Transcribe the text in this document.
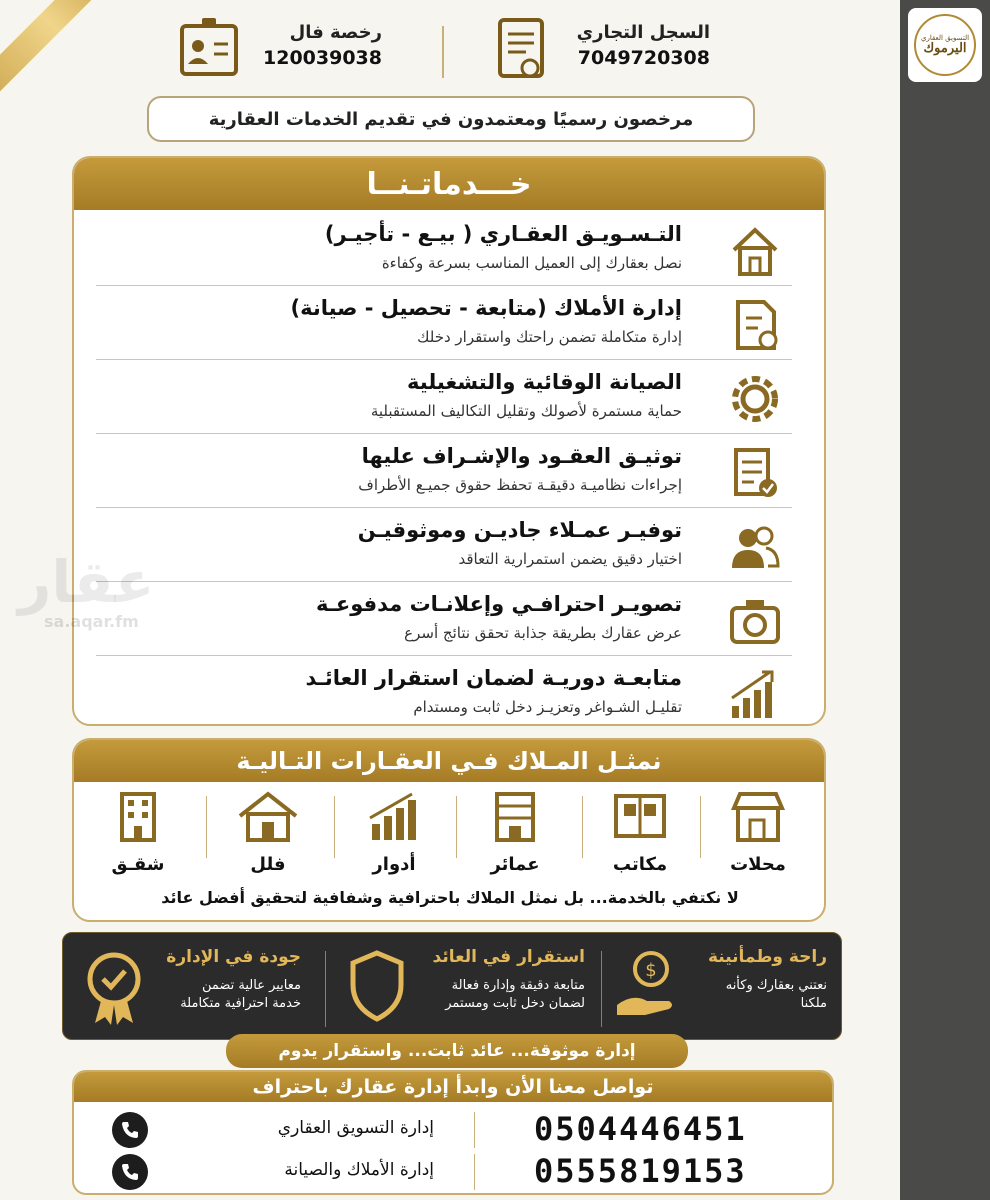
السجل التجاري
7049720308
رخصة فال
120039038
مرخصون رسميًا ومعتمدون في تقديم الخدمات العقارية
خـــدماتـنــا
التـسـويـق العقـاري ( بيـع - تأجيـر)
نصل بعقارك إلى العميل المناسب بسرعة وكفاءة
إدارة الأملاك (متابعة - تحصيل - صيانة)
إدارة متكاملة تضمن راحتك واستقرار دخلك
الصيانة الوقائية والتشغيلية
حماية مستمرة لأصولك وتقليل التكاليف المستقبلية
توثيـق العقـود والإشـراف عليها
إجراءات نظاميـة دقيقـة تحفظ حقوق جميـع الأطراف
توفيـر عمـلاء جاديـن وموثوقيـن
اختيار دقيق يضمن استمرارية التعاقد
تصويـر احترافـي وإعلانـات مدفوعـة
عرض عقارك بطريقة جذابة تحقق نتائج أسرع
متابعـة دوريـة لضمان استقرار العائـد
تقليـل الشـواغر وتعزيـز دخل ثابت ومستدام
عقار
sa.aqar.fm
نمثـل المـلاك فـي العقـارات التـاليـة
محلات
مكاتب
عمائر
أدوار
فلل
شقـق
لا نكتفي بالخدمة... بل نمثل الملاك باحترافية وشفافية لتحقيق أفضل عائد
راحة وطمأنينة
نعتني بعقارك وكأنه
ملكنا
$
استقرار في العائد
متابعة دقيقة وإدارة فعالة
لضمان دخل ثابت ومستمر
جودة في الإدارة
معايير عالية تضمن
خدمة احترافية متكاملة
إدارة موثوقة... عائد ثابت... واستقرار يدوم
تواصل معنا الأن وابدأ إدارة عقارك باحتراف
إدارة التسويق العقاري	0504446451
إدارة الأملاك والصيانة	0555819153
التسويق العقاري
اليرموك
